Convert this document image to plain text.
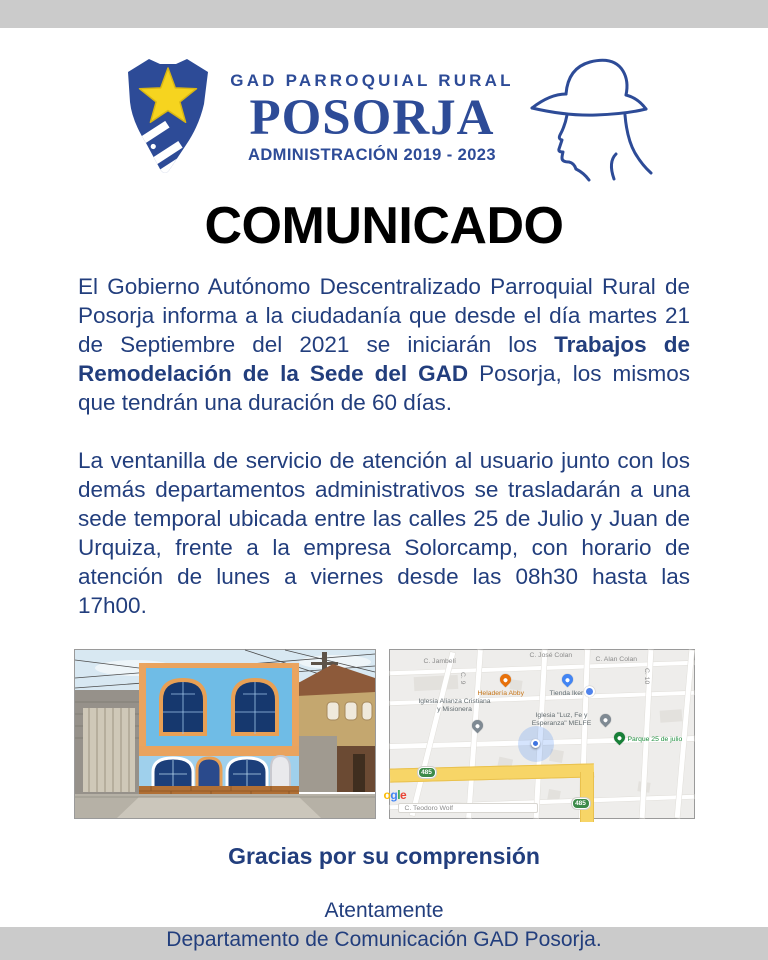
GAD PARROQUIAL RURAL
POSORJA
ADMINISTRACIÓN 2019 - 2023
COMUNICADO

El Gobierno Autónomo Descentralizado Parroquial Rural de Posorja informa a la ciudadanía que desde el día martes 21 de Septiembre del 2021 se iniciarán los Trabajos de Remodelación de la Sede del GAD Posorja, los mismos que tendrán una duración de 60 días.

La ventanilla de servicio de atención al usuario junto con los demás departamentos administrativos se trasladarán a una sede temporal ubicada entre las calles 25 de Julio y Juan de Urquiza, frente a la empresa Solorcamp, con horario de atención de lunes a viernes desde las 08h30 hasta las 17h00.

485
485
C. Jambelí
C. José Colan
C. Alan Colan
C. 9	C. 10
Heladería Abby	Tienda Iker
Iglesia Alianza Cristiana y Misionera
Iglesia "Luz, Fe y Esperanza" MELFE
Parque 25 de julio
ogle
C. Teodoro Wolf
Gracias por su comprensión
Atentamente
Departamento de Comunicación GAD Posorja.
